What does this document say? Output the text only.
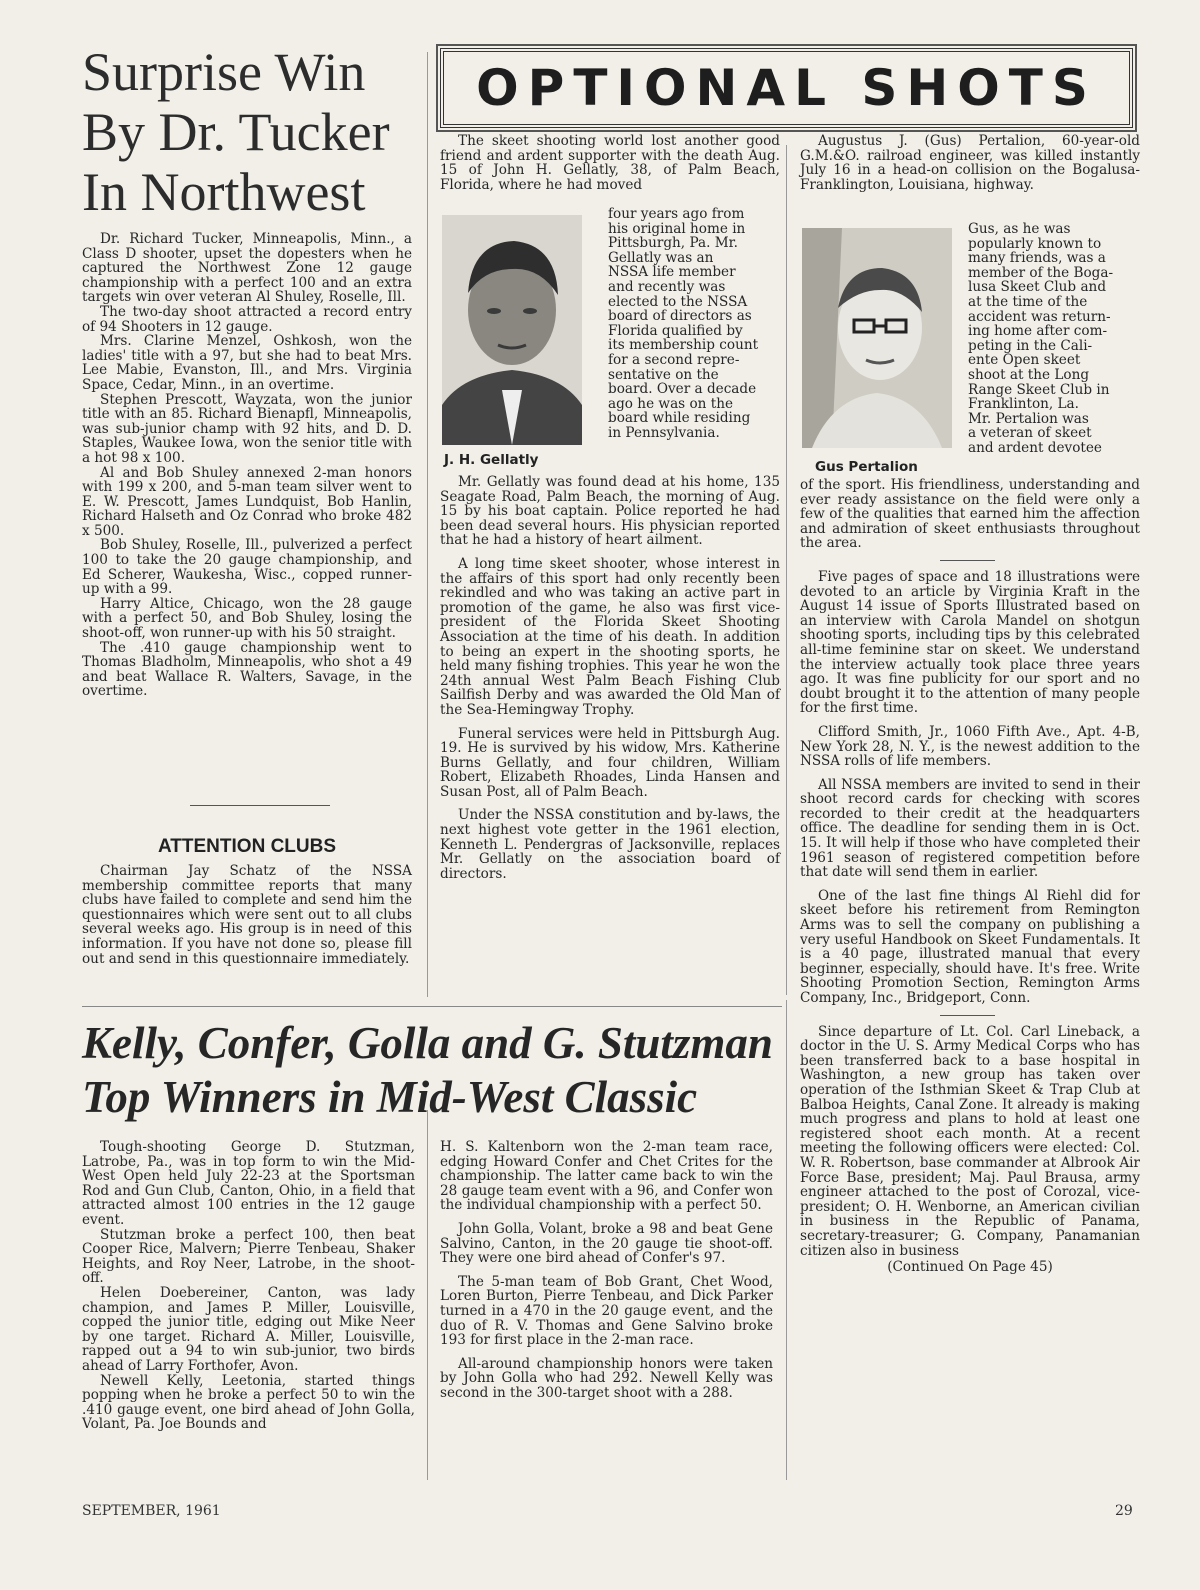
Surprise Win
By Dr. Tucker
In Northwest

Dr. Richard Tucker, Minneapolis, Minn., a Class D shooter, upset the dopesters when he captured the Northwest Zone 12 gauge championship with a perfect 100 and an extra targets win over veteran Al Shuley, Roselle, Ill.

The two-day shoot attracted a record entry of 94 Shooters in 12 gauge.

Mrs. Clarine Menzel, Oshkosh, won the ladies' title with a 97, but she had to beat Mrs. Lee Mabie, Evanston, Ill., and Mrs. Virginia Space, Cedar, Minn., in an overtime.

Stephen Prescott, Wayzata, won the junior title with an 85. Richard Bienapfl, Minneapolis, was sub-junior champ with 92 hits, and D. D. Staples, Waukee Iowa, won the senior title with a hot 98 x 100.

Al and Bob Shuley annexed 2-man honors with 199 x 200, and 5-man team silver went to E. W. Prescott, James Lundquist, Bob Hanlin, Richard Halseth and Oz Conrad who broke 482 x 500.

Bob Shuley, Roselle, Ill., pulverized a perfect 100 to take the 20 gauge championship, and Ed Scherer, Waukesha, Wisc., copped runner-up with a 99.

Harry Altice, Chicago, won the 28 gauge with a perfect 50, and Bob Shuley, losing the shoot-off, won runner-up with his 50 straight.

The .410 gauge championship went to Thomas Bladholm, Minneapolis, who shot a 49 and beat Wallace R. Walters, Savage, in the overtime.

ATTENTION CLUBS

Chairman Jay Schatz of the NSSA membership committee reports that many clubs have failed to complete and send him the questionnaires which were sent out to all clubs several weeks ago. His group is in need of this information. If you have not done so, please fill out and send in this questionnaire immediately.

OPTIONAL SHOTS

The skeet shooting world lost another good friend and ardent supporter with the death Aug. 15 of John H. Gellatly, 38, of Palm Beach, Florida, where he had moved

four years ago from

his original home in

Pittsburgh, Pa. Mr.

Gellatly was an

NSSA life member

and recently was

elected to the NSSA

board of directors as

Florida qualified by

its membership count

for a second repre-

sentative on the

board. Over a decade

ago he was on the

board while residing

in Pennsylvania.

J. H. Gellatly

Mr. Gellatly was found dead at his home, 135 Seagate Road, Palm Beach, the morning of Aug. 15 by his boat captain. Police reported he had been dead several hours. His physician reported that he had a history of heart ailment.

A long time skeet shooter, whose interest in the affairs of this sport had only recently been rekindled and who was taking an active part in promotion of the game, he also was first vice-president of the Florida Skeet Shooting Association at the time of his death. In addition to being an expert in the shooting sports, he held many fishing trophies. This year he won the 24th annual West Palm Beach Fishing Club Sailfish Derby and was awarded the Old Man of the Sea-Hemingway Trophy.

Funeral services were held in Pittsburgh Aug. 19. He is survived by his widow, Mrs. Katherine Burns Gellatly, and four children, William Robert, Elizabeth Rhoades, Linda Hansen and Susan Post, all of Palm Beach.

Under the NSSA constitution and by-laws, the next highest vote getter in the 1961 election, Kenneth L. Pendergras of Jacksonville, replaces Mr. Gellatly on the association board of directors.

Augustus J. (Gus) Pertalion, 60-year-old G.M.&O. railroad engineer, was killed instantly July 16 in a head-on collision on the Bogalusa-Franklington, Louisiana, highway.

Gus, as he was

popularly known to

many friends, was a

member of the Boga-

lusa Skeet Club and

at the time of the

accident was return-

ing home after com-

peting in the Cali-

ente Open skeet

shoot at the Long

Range Skeet Club in

Franklinton, La.

Mr. Pertalion was

a veteran of skeet

and ardent devotee

Gus Pertalion

of the sport. His friendliness, understanding and ever ready assistance on the field were only a few of the qualities that earned him the affection and admiration of skeet enthusiasts throughout the area.

Five pages of space and 18 illustrations were devoted to an article by Virginia Kraft in the August 14 issue of Sports Illustrated based on an interview with Carola Mandel on shotgun shooting sports, including tips by this celebrated all-time feminine star on skeet. We understand the interview actually took place three years ago. It was fine publicity for our sport and no doubt brought it to the attention of many people for the first time.

Clifford Smith, Jr., 1060 Fifth Ave., Apt. 4-B, New York 28, N. Y., is the newest addition to the NSSA rolls of life members.

All NSSA members are invited to send in their shoot record cards for checking with scores recorded to their credit at the headquarters office. The deadline for sending them in is Oct. 15. It will help if those who have completed their 1961 season of registered competition before that date will send them in earlier.

One of the last fine things Al Riehl did for skeet before his retirement from Remington Arms was to sell the company on publishing a very useful Handbook on Skeet Fundamentals. It is a 40 page, illustrated manual that every beginner, especially, should have. It's free. Write Shooting Promotion Section, Remington Arms Company, Inc., Bridgeport, Conn.

Since departure of Lt. Col. Carl Lineback, a doctor in the U. S. Army Medical Corps who has been transferred back to a base hospital in Washington, a new group has taken over operation of the Isthmian Skeet & Trap Club at Balboa Heights, Canal Zone. It already is making much progress and plans to hold at least one registered shoot each month. At a recent meeting the following officers were elected: Col. W. R. Robertson, base commander at Albrook Air Force Base, president; Maj. Paul Brausa, army engineer attached to the post of Corozal, vice-president; O. H. Wenborne, an American civilian in business in the Republic of Panama, secretary-treasurer; G. Company, Panamanian citizen also in business

(Continued On Page 45)

Kelly, Confer, Golla and G. Stutzman
Top Winners in Mid-West Classic

Tough-shooting George D. Stutzman, Latrobe, Pa., was in top form to win the Mid-West Open held July 22-23 at the Sportsman Rod and Gun Club, Canton, Ohio, in a field that attracted almost 100 entries in the 12 gauge event.

Stutzman broke a perfect 100, then beat Cooper Rice, Malvern; Pierre Tenbeau, Shaker Heights, and Roy Neer, Latrobe, in the shoot-off.

Helen Doebereiner, Canton, was lady champion, and James P. Miller, Louisville, copped the junior title, edging out Mike Neer by one target. Richard A. Miller, Louisville, rapped out a 94 to win sub-junior, two birds ahead of Larry Forthofer, Avon.

Newell Kelly, Leetonia, started things popping when he broke a perfect 50 to win the .410 gauge event, one bird ahead of John Golla, Volant, Pa. Joe Bounds and

H. S. Kaltenborn won the 2-man team race, edging Howard Confer and Chet Crites for the championship. The latter came back to win the 28 gauge team event with a 96, and Confer won the individual championship with a perfect 50.

John Golla, Volant, broke a 98 and beat Gene Salvino, Canton, in the 20 gauge tie shoot-off. They were one bird ahead of Confer's 97.

The 5-man team of Bob Grant, Chet Wood, Loren Burton, Pierre Tenbeau, and Dick Parker turned in a 470 in the 20 gauge event, and the duo of R. V. Thomas and Gene Salvino broke 193 for first place in the 2-man race.

All-around championship honors were taken by John Golla who had 292. Newell Kelly was second in the 300-target shoot with a 288.

SEPTEMBER, 1961	29
